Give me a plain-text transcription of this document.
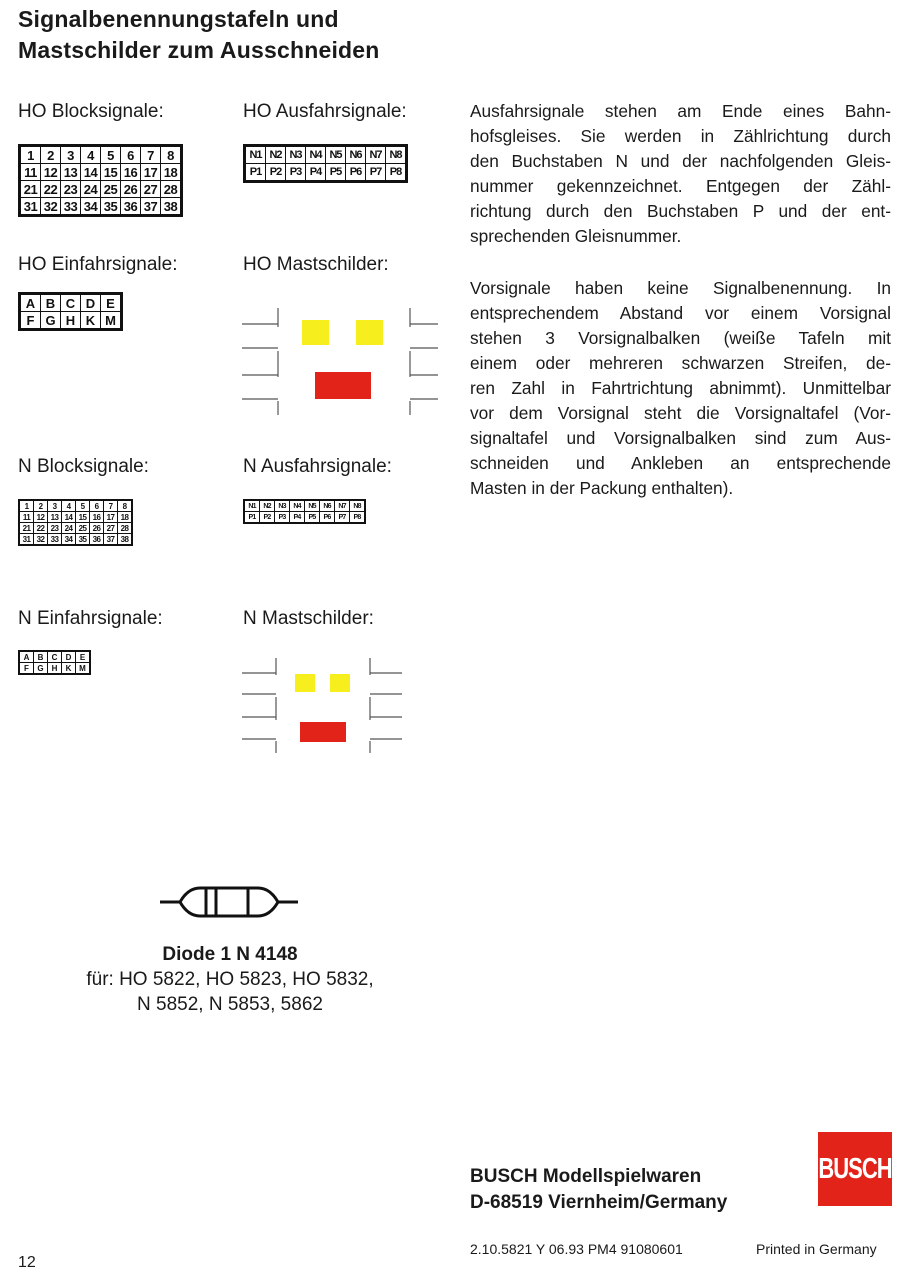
Signalbenennungstafeln und
Mastschilder zum Ausschneiden
HO Blocksignale:	HO Ausfahrsignale:
HO Einfahrsignale:	HO Mastschilder:
1	2	3	4	5	6	7	8
11	12	13	14	15	16	17	18
21	22	23	24	25	26	27	28
31	32	33	34	35	36	37	38
N1	N2	N3	N4	N5	N6	N7	N8
P1	P2	P3	P4	P5	P6	P7	P8
A	B	C	D	E
F	G	H	K	M
N Blocksignale:	N Ausfahrsignale:
N Einfahrsignale:	N Mastschilder:
1	2	3	4	5	6	7	8
11	12	13	14	15	16	17	18
21	22	23	24	25	26	27	28
31	32	33	34	35	36	37	38
N1	N2	N3	N4	N5	N6	N7	N8
P1	P2	P3	P4	P5	P6	P7	P8
A	B	C	D	E
F	G	H	K	M
Ausfahrsignale stehen am Ende eines Bahn-
hofsgleises. Sie werden in Zählrichtung durch
den Buchstaben N und der nachfolgenden Gleis-
nummer gekennzeichnet. Entgegen der Zähl-
richtung durch den Buchstaben P und der ent-
sprechenden Gleisnummer.
Vorsignale haben keine Signalbenennung. In
entsprechendem Abstand vor einem Vorsignal
stehen 3 Vorsignalbalken (weiße Tafeln mit
einem oder mehreren schwarzen Streifen, de-
ren Zahl in Fahrtrichtung abnimmt). Unmittelbar
vor dem Vorsignal steht die Vorsignaltafel (Vor-
signaltafel und Vorsignalbalken sind zum Aus-
schneiden und Ankleben an entsprechende
Masten in der Packung enthalten).
Diode 1 N 4148
für: HO 5822, HO 5823, HO 5832,
N 5852, N 5853, 5862
BUSCH Modellspielwaren
D-68519 Viernheim/Germany
BUSCH
2.10.5821 Y 06.93 PM4 91080601	Printed in Germany
12
